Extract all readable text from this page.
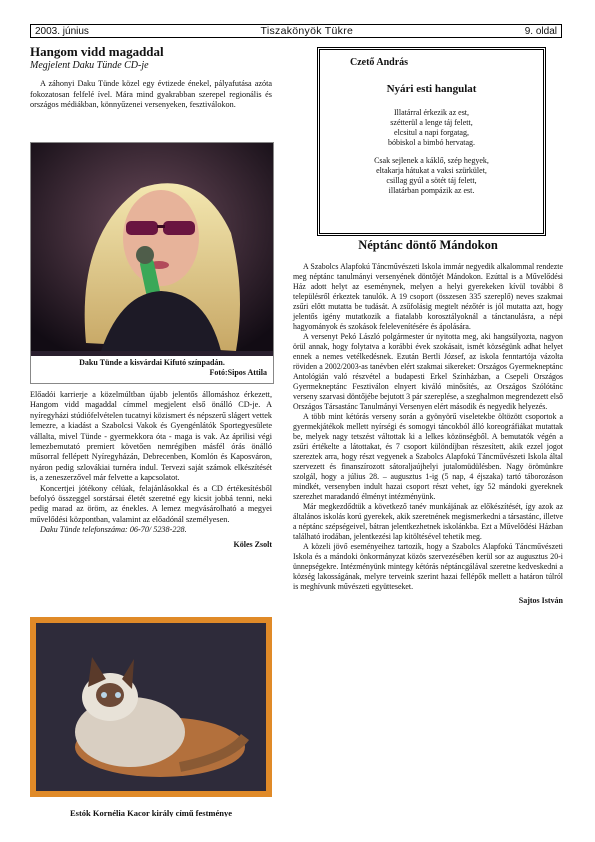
2003. június	Tiszakönyök Tükre	9. oldal
Hangom vidd magaddal
Megjelent Daku Tünde CD-je

A záhonyi Daku Tünde közel egy évtizede énekel, pályafutása azóta fokozatosan felfelé ível. Mára mind gyakrabban szerepel regionális és országos médiákban, könnyűzenei versenyeken, fesztiválokon.

Daku Tünde a kisvárdai Kifutó színpadán.
Fotó:Sipos Attila

Előadói karrierje a közelmúltban újabb jelentős állomáshoz érkezett, Hangom vidd magaddal címmel megjelent első önálló CD-je. A nyíregyházi stúdiófelvételen tucatnyi közismert és népszerű slágert vettek lemezre, a kiadást a Szabolcsi Vakok és Gyengénlátók Sportegyesülete vállalta, mivel Tünde - gyermekkora óta - maga is vak. Az áprilisi végi lemezbemutató premiert követően nemrégiben másfél órás önálló műsorral fellépett Nyíregyházán, Debrecenben, Komlón és Kaposváron, nyáron pedig szlovákiai turnéra indul. Tervezi saját számok elkészítését is, a zeneszerzővel már felvette a kapcsolatot.

Koncertjei jótékony célúak, felajánlásokkal és a CD értékesítésből befolyó összeggel sorstársai életét szeretné egy kicsit jobbá tenni, neki pedig marad az öröm, az énekles. A lemez megvásárolható a megyei művelődési központban, valamint az előadónál személyesen.

Daku Tünde telefonszáma: 06-70/ 5238-228.

Köles Zsolt
Estók Kornélia Kacor király című festménye
Czető András
Nyári esti hangulat
Illatárral érkezik az est,
szétterül a lenge táj felett,
elcsitul a napi forgatag,
bóbiskol a bimbó hervatag.
Csak sejlenek a káklő, szép hegyek,
eltakarja hátukat a vaksi szürkület,
csillag gyúl a sötét táj felett,
illatárban pompázik az est.
Néptánc döntő Mándokon

A Szabolcs Alapfokú Táncművészeti Iskola immár negyedik alkalommal rendezte meg néptánc tanulmányi versenyének döntőjét Mándokon. Ezúttal is a Művelődési Ház adott helyt az eseménynek, melyen a helyi gyerekeken kívül további 8 településről érkeztek tanulók. A 19 csoport (összesen 335 szereplő) neves szakmai zsűri előtt mutatta be tudását. A zsűfolásig megtelt nézőtér is jól mutatta azt, hogy jelentős igény mutatkozik a fiatalabb korosztályoknál a tánctanulásra, a népi hagyományok és szokások felelevenítésére és ápolására.

A versenyt Pekó László polgármester úr nyitotta meg, aki hangsúlyozta, nagyon örül annak, hogy folytatva a korábbi évek szokásait, ismét községünk adhat helyet ennek a nemes vetélkedésnek. Ezután Bertli József, az iskola fenntartója vázolta röviden a 2002/2003-as tanévben elért szakmai sikereket: Országos Gyermekneptánc Antológián való részvétel a budapesti Erkel Színházban, a Csepeli Országos Gyermekneptánc Fesztiválon elnyert kiváló minősítés, az Országos Szólótánc verseny szarvasi döntőjébe bejutott 3 pár szereplése, a szeghalmon megrendezett első Országos Társastánc Tanulmányi Versenyen elért második és negyedik helyezés.

A több mint kétórás verseny során a gyönyörű viseletekbe öltözött csoportok a gyermekjátékok mellett nyírségi és somogyi táncokból álló koreográfiákat mutattak be, melyek nagy tetszést váltottak ki a lelkes közönségből. A bemutatók végén a zsűri értékelte a látottakat, és 7 csoport különdíjban részesített, akik ezzel jogot szereztek arra, hogy részt vegyenek a Szabolcs Alapfokú Táncművészeti Iskola által szervezett és finanszírozott sátoraljaújhelyi jutalomüdülésben. Nagy örömünkre szolgál, hogy a július 28. – augusztus 1-ig (5 nap, 4 éjszaka) tartó táborozáson mindkét, versenyben indult hazai csoport részt vehet, így 52 mándoki gyereknek szerezhet maradandó élményt intézményünk.

Már megkezdődtük a következő tanév munkájának az előkészítését, így azok az általános iskolás korú gyerekek, akik szeretnének megismerkedni a társastánc, illetve a néptánc szépségeivel, bátran jelentkezhetnek iskolánkba. Ezt a Művelődési Házban található irodában, jelentkezési lap kitöltésével tehetik meg.

A közeli jövő eseményeihez tartozik, hogy a Szabolcs Alapfokú Táncművészeti Iskola és a mándoki önkormányzat közös szervezésében kerül sor az augusztus 20-i ünnepségekre. Intézményünk mintegy kétórás néptáncgálával szeretne kedveskedni a község lakosságának, melyre terveink szerint hazai fellépők mellett a határon túlról is meghívunk művészeti együtteseket.

Sajtos István
